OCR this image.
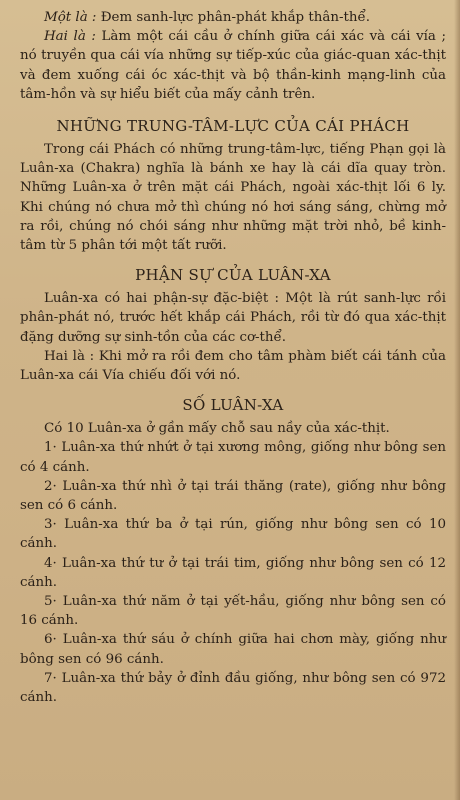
Một là : Đem sanh-lực phân-phát khắp thân-thể.

Hai là : Làm một cái cầu ở chính giữa cái xác và cái vía ; nó truyền qua cái vía những sự tiếp-xúc của giác-quan xác-thịt và đem xuống cái óc xác-thịt và bộ thần-kinh mạng-linh của tâm-hồn và sự hiểu biết của mấy cảnh trên.

NHỮNG TRUNG-TÂM-LỰC CỦA CÁI PHÁCH

Trong cái Phách có những trung-tâm-lực, tiếng Phạn gọi là Luân-xa (Chakra) nghĩa là bánh xe hay là cái dĩa quay tròn. Những Luân-xa ở trên mặt cái Phách, ngoài xác-thịt lối 6 ly. Khi chúng nó chưa mở thì chúng nó hơi sáng sáng, chừng mở ra rồi, chúng nó chói sáng như những mặt trời nhỏ, bề kinh-tâm từ 5 phân tới một tất rưỡi.

PHẬN SỰ CỦA LUÂN-XA

Luân-xa có hai phận-sự đặc-biệt : Một là rút sanh-lực rồi phân-phát nó, trước hết khắp cái Phách, rồi từ đó qua xác-thịt đặng dưỡng sự sinh-tồn của các cơ-thể.

Hai là : Khi mở ra rồi đem cho tâm phàm biết cái tánh của Luân-xa cái Vía chiếu đối với nó.

SỐ LUÂN-XA

Có 10 Luân-xa ở gần mấy chỗ sau nầy của xác-thịt.

1· Luân-xa thứ nhứt ở tại xương mông, giống như bông sen có 4 cánh.

2· Luân-xa thứ nhì ở tại trái thăng (rate), giống như bông sen có 6 cánh.

3· Luân-xa thứ ba ở tại rún, giống như bông sen có 10 cánh.

4· Luân-xa thứ tư ở tại trái tim, giống như bông sen có 12 cánh.

5· Luân-xa thứ năm ở tại yết-hầu, giống như bông sen có 16 cánh.

6· Luân-xa thứ sáu ở chính giữa hai chơn mày, giống như bông sen có 96 cánh.

7· Luân-xa thứ bảy ở đỉnh đầu giống, như bông sen có 972 cánh.
